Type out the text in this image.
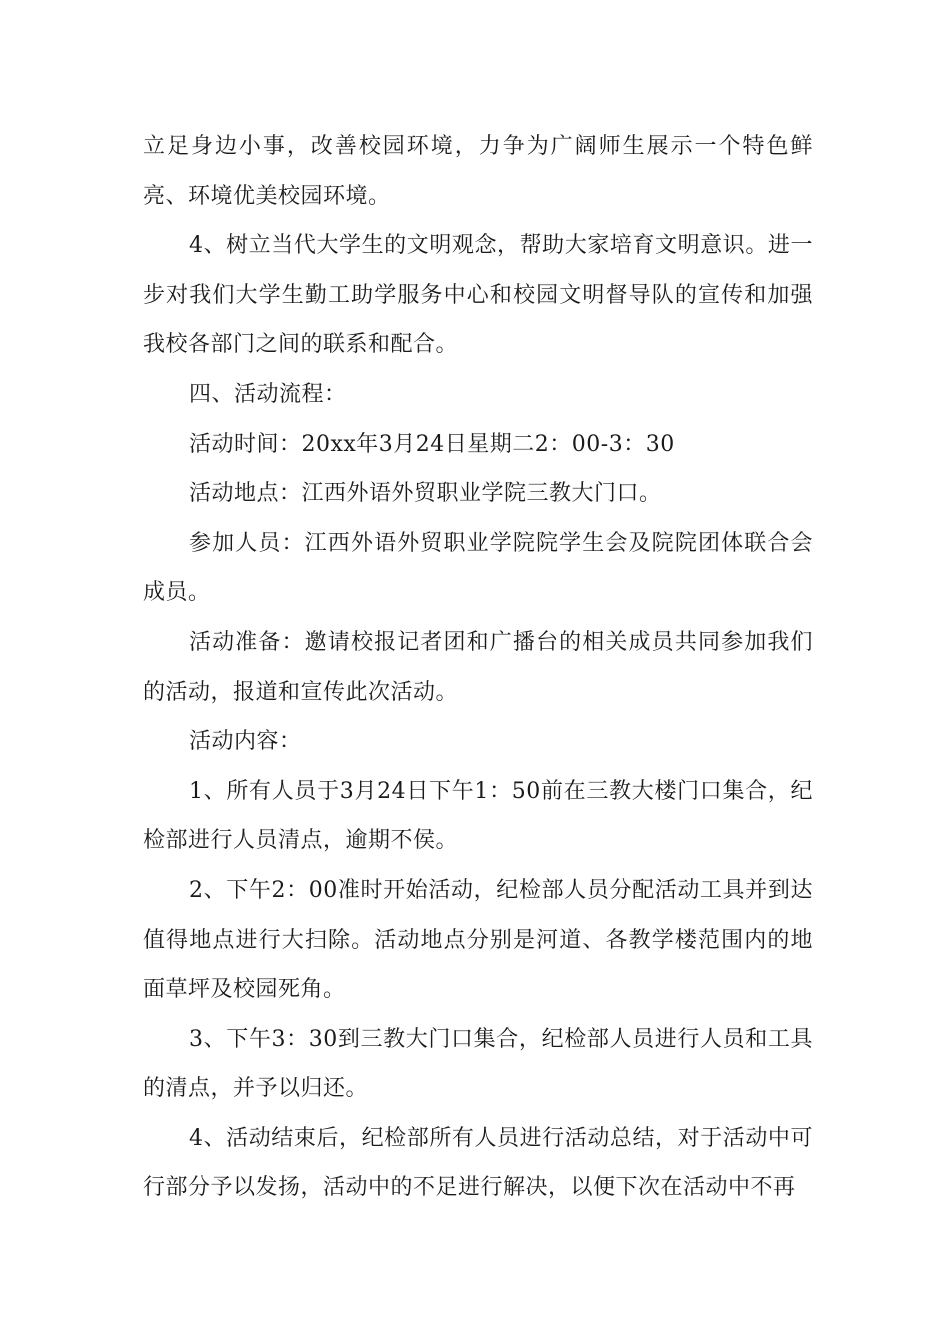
立足身边小事，改善校园环境，力争为广阔师生展示一个特色鲜亮、环境优美校园环境。

4、树立当代大学生的文明观念，帮助大家培育文明意识。进一步对我们大学生勤工助学服务中心和校园文明督导队的宣传和加强我校各部门之间的联系和配合。

四、活动流程：

活动时间：20xx年3月24日星期二2：00-3：30

活动地点：江西外语外贸职业学院三教大门口。

参加人员：江西外语外贸职业学院院学生会及院院团体联合会成员。

活动准备：邀请校报记者团和广播台的相关成员共同参加我们的活动，报道和宣传此次活动。

活动内容：

1、所有人员于3月24日下午1：50前在三教大楼门口集合，纪检部进行人员清点，逾期不侯。

2、下午2：00准时开始活动，纪检部人员分配活动工具并到达值得地点进行大扫除。活动地点分别是河道、各教学楼范围内的地面草坪及校园死角。

3、下午3：30到三教大门口集合，纪检部人员进行人员和工具的清点，并予以归还。

4、活动结束后，纪检部所有人员进行活动总结，对于活动中可行部分予以发扬，活动中的不足进行解决，以便下次在活动中不再
